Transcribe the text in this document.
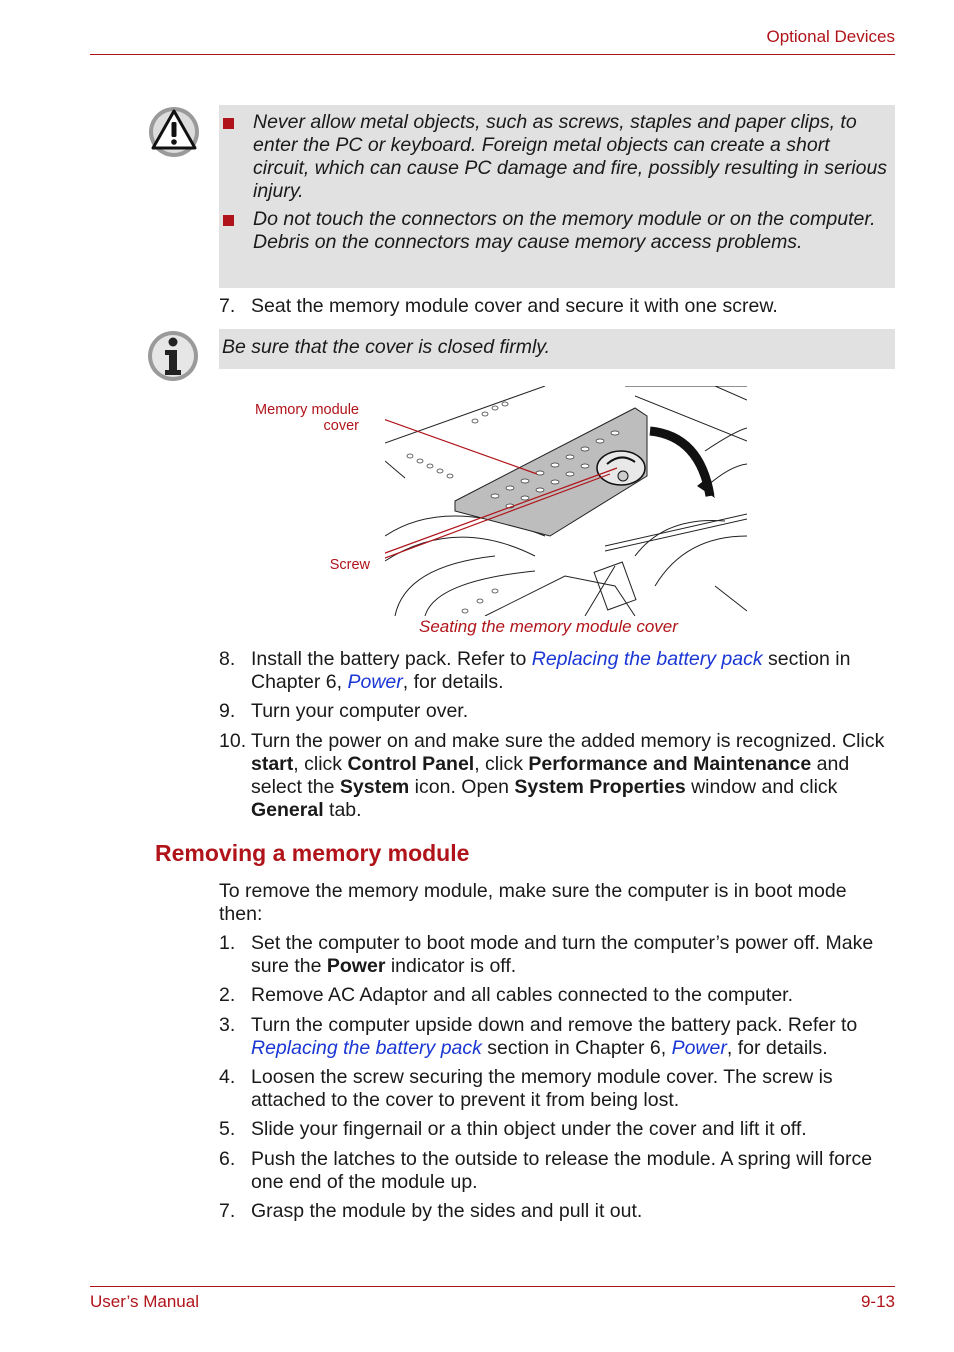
Optional Devices
Never allow metal objects, such as screws, staples and paper clips, to enter the PC or keyboard. Foreign metal objects can create a short circuit, which can cause PC damage and fire, possibly resulting in serious injury.
Do not touch the connectors on the memory module or on the computer. Debris on the connectors may cause memory access problems.
7. Seat the memory module cover and secure it with one screw.
Be sure that the cover is closed firmly.
Memory module
cover
Screw
Seating the memory module cover
8. Install the battery pack. Refer to Replacing the battery pack section in Chapter 6, Power, for details.
9. Turn your computer over.
10. Turn the power on and make sure the added memory is recognized. Click start, click Control Panel, click Performance and Maintenance and select the System icon. Open System Properties window and click General tab.
Removing a memory module
To remove the memory module, make sure the computer is in boot mode then:
1. Set the computer to boot mode and turn the computer’s power off. Make sure the Power indicator is off.
2. Remove AC Adaptor and all cables connected to the computer.
3. Turn the computer upside down and remove the battery pack. Refer to Replacing the battery pack section in Chapter 6, Power, for details.
4. Loosen the screw securing the memory module cover. The screw is attached to the cover to prevent it from being lost.
5. Slide your fingernail or a thin object under the cover and lift it off.
6. Push the latches to the outside to release the module. A spring will force one end of the module up.
7. Grasp the module by the sides and pull it out.
User’s Manual	9-13
